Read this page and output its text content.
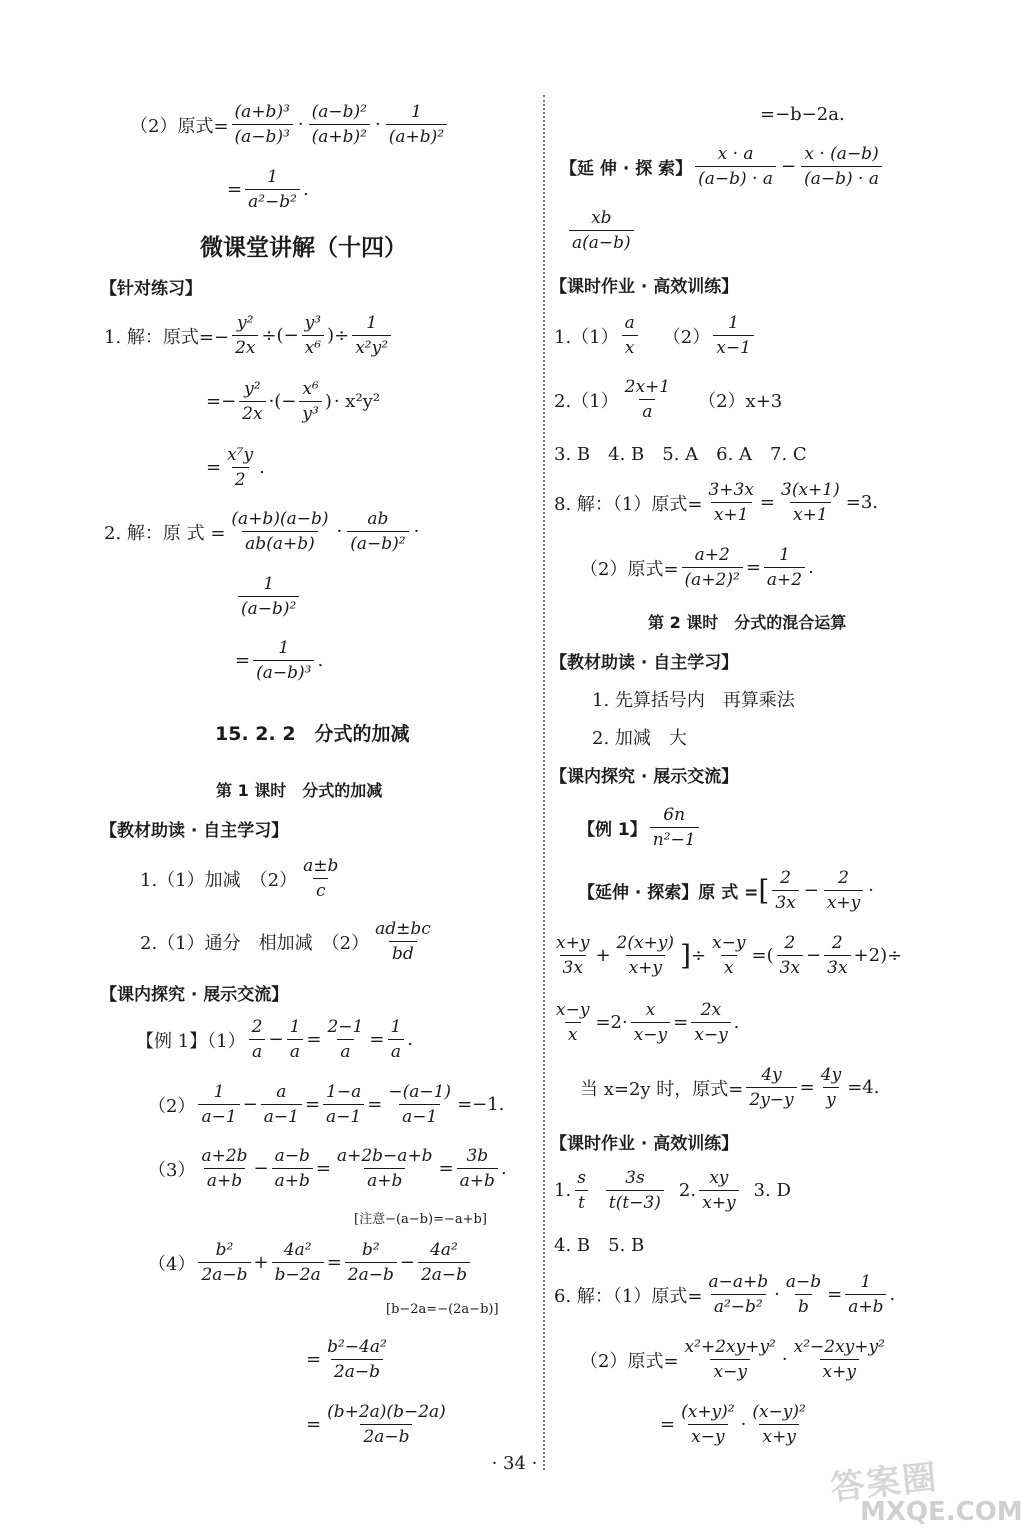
（2）原式= $\frac{\text{(a+b)³}}{\text{(a−b)³}}$ ·
(a−b)²
(a+b)²
·
1
(a+b)²
= $\frac{1}{\text{a²−b²}}$ .
微课堂讲解（十四）
【针对练习】
1. 解：原式=− $\frac{\text{y²}}{2x}$ ÷(− $\frac{\text{y³}}{\text{x⁶}}$ )÷ $\frac{1}{\text{x²y²}}$
=− $\frac{\text{y²}}{2x}$ ·(− $\frac{\text{x⁶}}{\text{y³}}$ ) · x²y²
= $\frac{\text{x⁷y}}{2}$ .
2. 解：原 式 = $\frac{(a+b)(a-b)}{ab(a+b)}$ ·
ab
(a−b)²
·
1
(a−b)²
= $\frac{1}{\text{(a−b)³}}$ .
15. 2. 2　分式的加减
第 1 课时　分式的加减
【教材助读 · 自主学习】
1.（1）加减　（2）
a±b
c
2.（1）通分　相加减　（2）
ad±bc
bd
【课内探究 · 展示交流】
【例 1】（1）
2
a
− $\frac{1}{a} = \frac{2-1}{a} = \frac{1}{a}$ .
（2）
1
a−1
− $\frac{a}{a-1} = \frac{1-a}{a-1} = \frac{-(a-1)}{a-1} =-1$.
（3）
a+2b
a+b
− $\frac{a-b}{a+b} = \frac{a+2b-a+b}{a+b} = \frac{3b}{a+b}$ .
[注意−(a−b)=−a+b]
（4）
b²
2a−b
+ $\frac{\text{4a²}}{b-2a} = \frac{\text{b²}}{2a-b} - \frac{\text{4a²}}{2a-b}$
[b−2a=−(2a−b)]
= $\frac{\text{b²−4a²}}{2a-b}$
= $\frac{(b+2a)(b-2a)}{2a-b}$
=−b−2a.
【延 伸 · 探 索】
x · a
(a−b) · a
− $\frac{x \cdot (a-b)}{(a-b) \cdot a}$
xb
a(a−b)
【课时作业 · 高效训练】
1.（1）
a
x
（2）
1
x−1
2.（1）
2x+1
a
（2）x+3
3. B　4. B　5. A　6. A　7. C
8. 解：（1）原式= $\frac{3+3x}{x+1} = \frac{3(x+1)}{x+1} =3$.
（2）原式= $\frac{a+2}{\text{(a+2)²}} = \frac{1}{a+2}$ .
第 2 课时　分式的混合运算
【教材助读 · 自主学习】
1. 先算括号内　再算乘法
2. 加减　大
【课内探究 · 展示交流】
【例 1】
6n
n²−1
【延伸 · 探索】原 式 = [ 2
3x
− $\frac{2}{x+y}$ ·
x+y
3x
+ $\frac{2(x+y)}{x+y}$ ] ÷ $\frac{x-y}{x}$ =(
2
3x
− $\frac{2}{3x} +2)\div$
$\frac{x-y}{x} =2\cdot \frac{x}{x-y} = \frac{2x}{x-y}$ .
当 x=2y 时，原式= $\frac{4y}{2y-y} = \frac{4y}{y} =4$.
【课时作业 · 高效训练】
1.
s
t
3s
t(t−3)
2.
xy
x+y
3. D
4. B　5. B
6. 解：（1）原式= $\frac{a-a+b}{\text{a²−b²}} \cdot \frac{a-b}{b} = \frac{1}{a+b}$ .
（2）原式= $\frac{\text{x²+2xy+y²}}{x-y}$ ·
x²−2xy+y²
x+y
= $\frac{\text{(x+y)²}}{x-y}$ ·
(x−y)²
x+y
· 34 ·	答案圈
MXQE.COM
